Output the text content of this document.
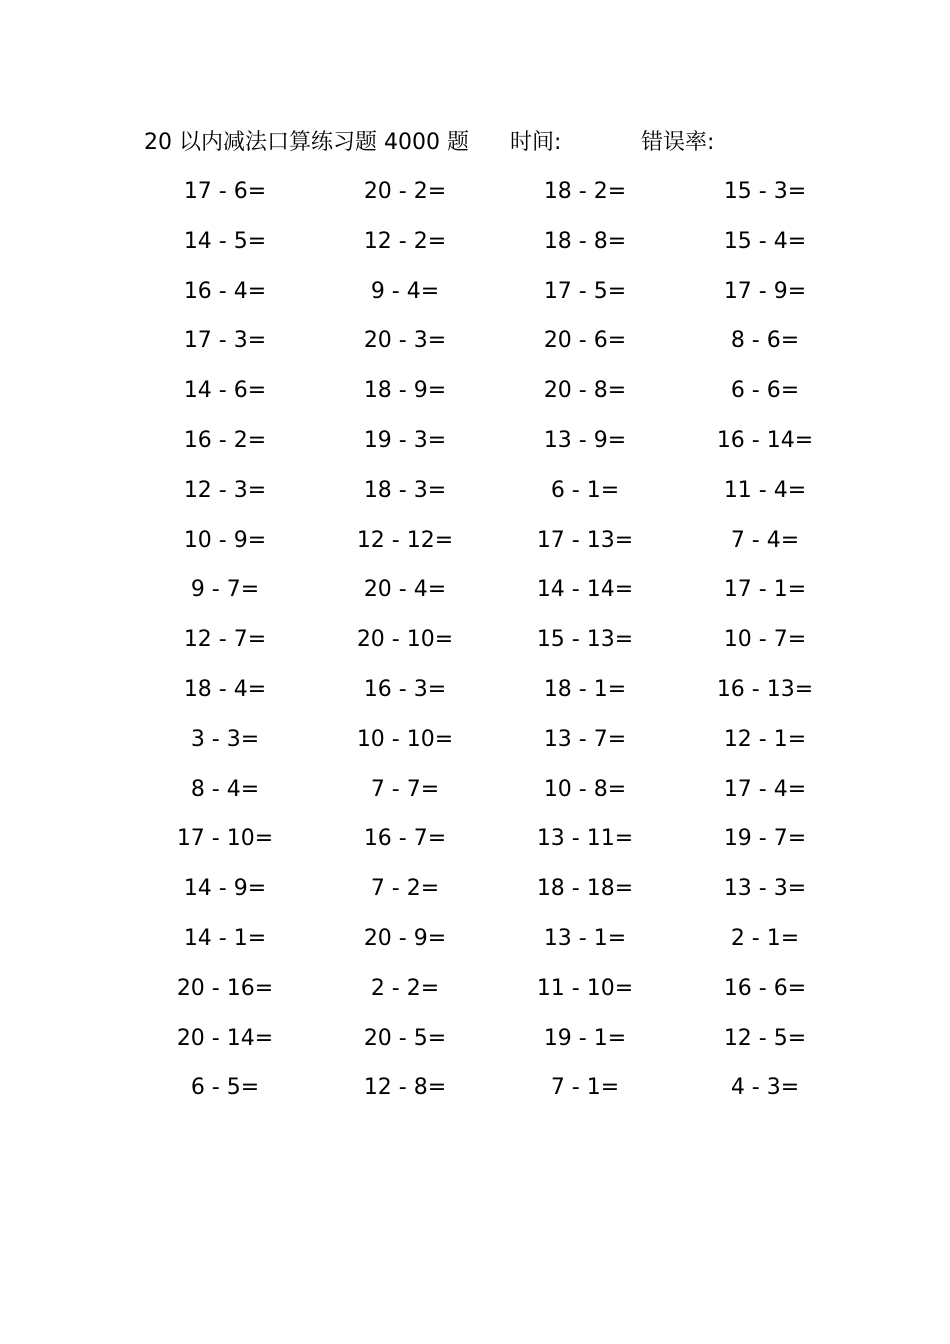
20 以内减法口算练习题 4000 题 时间:	错误率:
17 - 6=	20 - 2=	18 - 2=	15 - 3=
14 - 5=	12 - 2=	18 - 8=	15 - 4=
16 - 4=	9 - 4=	17 - 5=	17 - 9=
17 - 3=	20 - 3=	20 - 6=	8 - 6=
14 - 6=	18 - 9=	20 - 8=	6 - 6=
16 - 2=	19 - 3=	13 - 9=	16 - 14=
12 - 3=	18 - 3=	6 - 1=	11 - 4=
10 - 9=	12 - 12=	17 - 13=	7 - 4=
9 - 7=	20 - 4=	14 - 14=	17 - 1=
12 - 7=	20 - 10=	15 - 13=	10 - 7=
18 - 4=	16 - 3=	18 - 1=	16 - 13=
3 - 3=	10 - 10=	13 - 7=	12 - 1=
8 - 4=	7 - 7=	10 - 8=	17 - 4=
17 - 10=	16 - 7=	13 - 11=	19 - 7=
14 - 9=	7 - 2=	18 - 18=	13 - 3=
14 - 1=	20 - 9=	13 - 1=	2 - 1=
20 - 16=	2 - 2=	11 - 10=	16 - 6=
20 - 14=	20 - 5=	19 - 1=	12 - 5=
6 - 5=	12 - 8=	7 - 1=	4 - 3=
